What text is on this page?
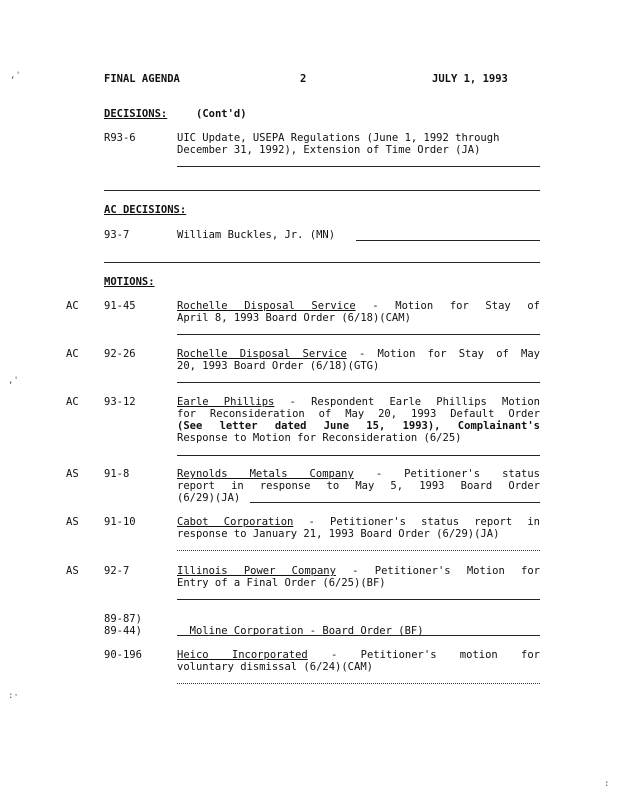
,'
,'
:·
:
FINAL AGENDA	2	JULY 1, 1993
DECISIONS:	(Cont'd)
R93-6	UIC Update, USEPA Regulations (June 1, 1992 through
December 31, 1992), Extension of Time Order (JA)
AC DECISIONS:
93-7	William Buckles, Jr. (MN)
MOTIONS:
AC 91-45	Rochelle Disposal Service - Motion for Stay of
April 8, 1993 Board Order (6/18)(CAM)
AC 92-26	Rochelle Disposal Service - Motion for Stay of May
20, 1993 Board Order (6/18)(GTG)
AC 93-12	Earle Phillips - Respondent Earle Phillips Motion
for Reconsideration of May 20, 1993 Default Order
(See letter dated June 15, 1993), Complainant's
Response to Motion for Reconsideration (6/25)
AS 91-8	Reynolds Metals Company - Petitioner's status
report in response to May 5, 1993 Board Order
(6/29)(JA)
AS 91-10	Cabot Corporation - Petitioner's status report in
response to January 21, 1993 Board Order (6/29)(JA)
AS 92-7	Illinois Power Company - Petitioner's Motion for
Entry of a Final Order (6/25)(BF)
89-87)
89-44)	Moline Corporation - Board Order (BF)

90-196	Heico Incorporated - Petitioner's motion for
voluntary dismissal (6/24)(CAM)
